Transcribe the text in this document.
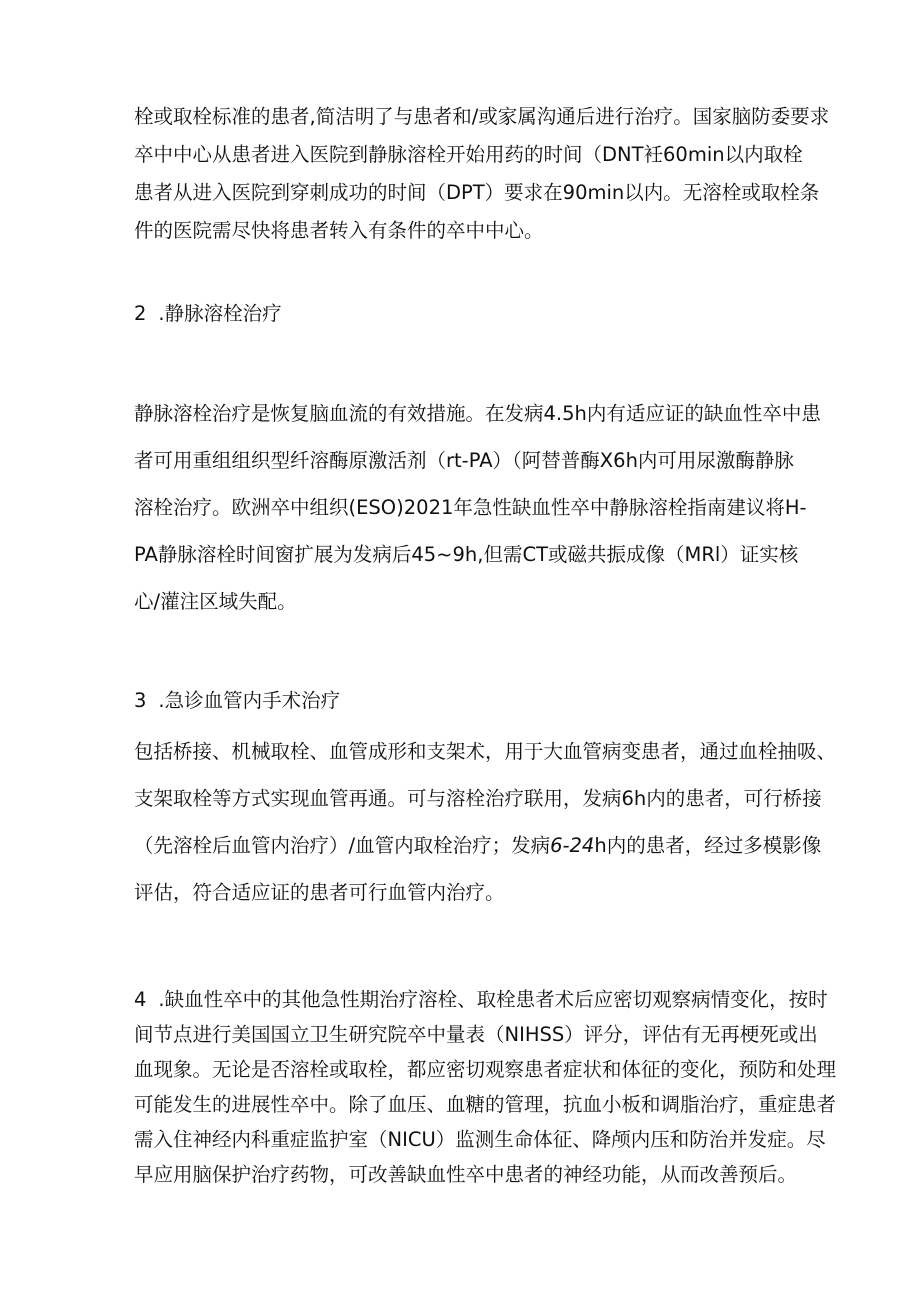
栓或取栓标准的患者,简洁明了与患者和/或家属沟通后进行治疗。国家脑防委要求

卒中中心从患者进入医院到静脉溶栓开始用药的时间（DNT衽60min以内取栓

患者从进入医院到穿刺成功的时间（DPT）要求在90min以内。无溶栓或取栓条

件的医院需尽快将患者转入有条件的卒中中心。

2 .静脉溶栓治疗

静脉溶栓治疗是恢复脑血流的有效措施。在发病4.5h内有适应证的缺血性卒中患

者可用重组组织型纤溶酶原激活剂（rt-PA）（阿替普酶X6h内可用尿激酶静脉

溶栓治疗。欧洲卒中组织(ESO)2021年急性缺血性卒中静脉溶栓指南建议将H-

PA静脉溶栓时间窗扩展为发病后45~9h,但需CT或磁共振成像（MRl）证实核

心/灌注区域失配。

3 .急诊血管内手术治疗

包括桥接、机械取栓、血管成形和支架术，用于大血管病变患者，通过血栓抽吸、

支架取栓等方式实现血管再通。可与溶栓治疗联用，发病6h内的患者，可行桥接

（先溶栓后血管内治疗）/血管内取栓治疗；发病6-24h内的患者，经过多模影像

评估，符合适应证的患者可行血管内治疗。

4 .缺血性卒中的其他急性期治疗溶栓、取栓患者术后应密切观察病情变化，按时

间节点进行美国国立卫生研究院卒中量表（NIHSS）评分，评估有无再梗死或出

血现象。无论是否溶栓或取栓，都应密切观察患者症状和体征的变化，预防和处理

可能发生的进展性卒中。除了血压、血糖的管理，抗血小板和调脂治疗，重症患者

需入住神经内科重症监护室（NICU）监测生命体征、降颅内压和防治并发症。尽

早应用脑保护治疗药物，可改善缺血性卒中患者的神经功能，从而改善预后。
